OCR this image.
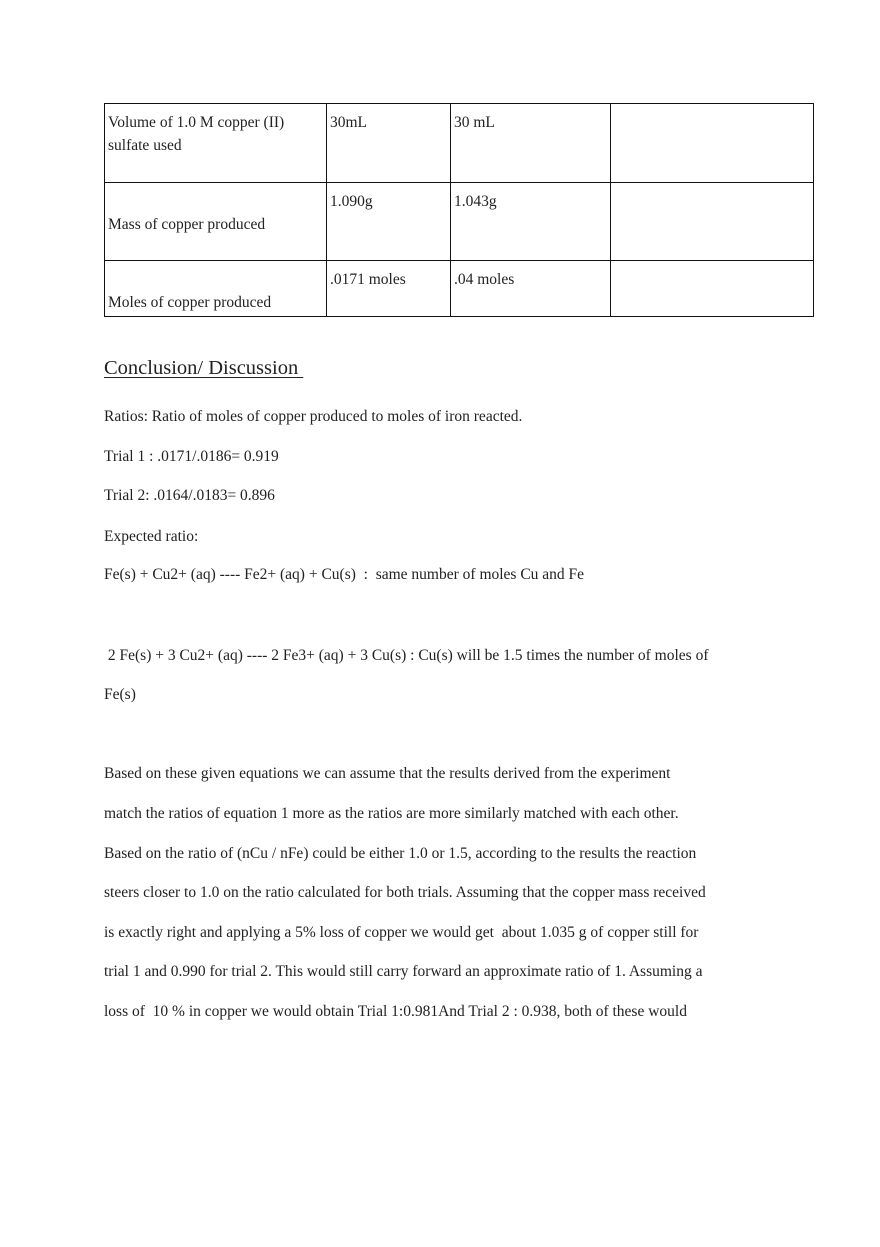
Volume of 1.0 M copper (II)
sulfate used	30mL	30 mL	

Mass of copper produced	1.090g	1.043g	

Moles of copper produced	.0171 moles	.04 moles	
Conclusion/ Discussion
Ratios: Ratio of moles of copper produced to moles of iron reacted.
Trial 1 : .0171/.0186= 0.919
Trial 2: .0164/.0183= 0.896
Expected ratio:
Fe(s) + Cu2+ (aq) ---- Fe2+ (aq) + Cu(s)  :  same number of moles Cu and Fe
2 Fe(s) + 3 Cu2+ (aq) ---- 2 Fe3+ (aq) + 3 Cu(s) : Cu(s) will be 1.5 times the number of moles of
Fe(s)
Based on these given equations we can assume that the results derived from the experiment
match the ratios of equation 1 more as the ratios are more similarly matched with each other.
Based on the ratio of (nCu / nFe) could be either 1.0 or 1.5, according to the results the reaction
steers closer to 1.0 on the ratio calculated for both trials. Assuming that the copper mass received
is exactly right and applying a 5% loss of copper we would get  about 1.035 g of copper still for
trial 1 and 0.990 for trial 2. This would still carry forward an approximate ratio of 1. Assuming a
loss of  10 % in copper we would obtain Trial 1:0.981And Trial 2 : 0.938, both of these would
